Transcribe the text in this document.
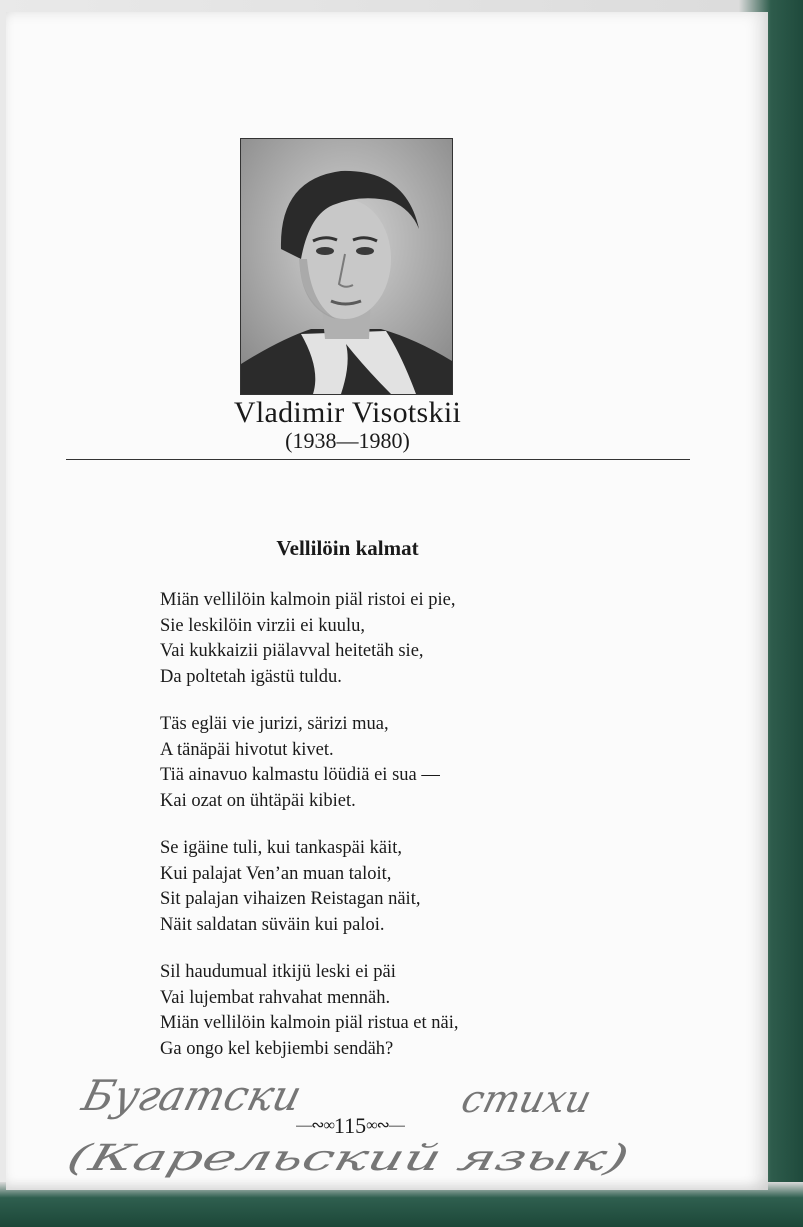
Vladimir Visotskii
(1938—1980)
Vellilöin kalmat
Miän vellilöin kalmoin piäl ristoi ei pie,
Sie leskilöin virzii ei kuulu,
Vai kukkaizii piälavval heitetäh sie,
Da poltetah igästü tuldu.
Täs egläi vie jurizi, särizi mua,
A tänäpäi hivotut kivet.
Tiä ainavuo kalmastu löüdiä ei sua —
Kai ozat on ühtäpäi kibiet.
Se igäine tuli, kui tankaspäi käit,
Kui palajat Ven’an muan taloit,
Sit palajan vihaizen Reistagan näit,
Näit saldatan süväin kui paloi.
Sil haudumual itkijü leski ei päi
Vai lujembat rahvahat mennäh.
Miän vellilöin kalmoin piäl ristua et näi,
Ga ongo kel kebjiembi sendäh?
Бугатски	стихи
(Карельский язык)
—∾∞115∞∾—
